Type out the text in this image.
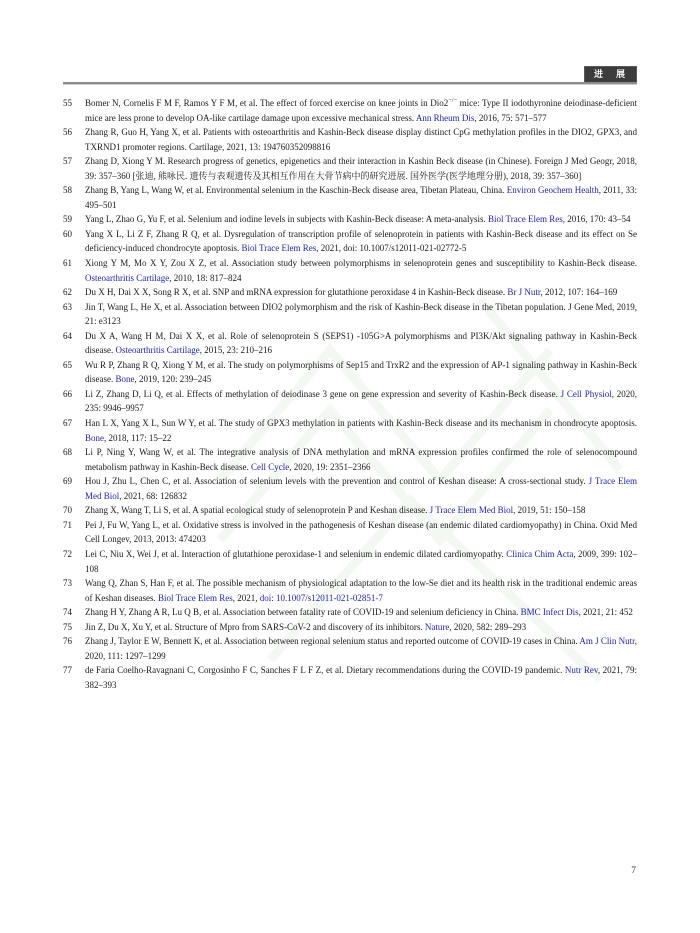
进　展
55 Bomer N, Cornelis F M F, Ramos Y F M, et al. The effect of forced exercise on knee joints in Dio2−/− mice: Type II iodothyronine deiodinase-deficient mice are less prone to develop OA-like cartilage damage upon excessive mechanical stress. Ann Rheum Dis, 2016, 75: 571–577
56 Zhang R, Guo H, Yang X, et al. Patients with osteoarthritis and Kashin-Beck disease display distinct CpG methylation profiles in the DIO2, GPX3, and TXRND1 promoter regions. Cartilage, 2021, 13: 194760352098816
57 Zhang D, Xiong Y M. Research progress of genetics, epigenetics and their interaction in Kashin Beck disease (in Chinese). Foreign J Med Geogr, 2018, 39: 357–360 [张迪, 熊咏民. 遗传与表观遗传及其相互作用在大骨节病中的研究进展. 国外医学(医学地理分册), 2018, 39: 357–360]
58 Zhang B, Yang L, Wang W, et al. Environmental selenium in the Kaschin-Beck disease area, Tibetan Plateau, China. Environ Geochem Health, 2011, 33: 495–501
59 Yang L, Zhao G, Yu F, et al. Selenium and iodine levels in subjects with Kashin-Beck disease: A meta-analysis. Biol Trace Elem Res, 2016, 170: 43–54
60 Yang X L, Li Z F, Zhang R Q, et al. Dysregulation of transcription profile of selenoprotein in patients with Kashin-Beck disease and its effect on Se deficiency-induced chondrocyte apoptosis. Biol Trace Elem Res, 2021, doi: 10.1007/s12011-021-02772-5
61 Xiong Y M, Mo X Y, Zou X Z, et al. Association study between polymorphisms in selenoprotein genes and susceptibility to Kashin-Beck disease. Osteoarthritis Cartilage, 2010, 18: 817–824
62 Du X H, Dai X X, Song R X, et al. SNP and mRNA expression for glutathione peroxidase 4 in Kashin-Beck disease. Br J Nutr, 2012, 107: 164–169
63 Jin T, Wang L, He X, et al. Association between DIO2 polymorphism and the risk of Kashin-Beck disease in the Tibetan population. J Gene Med, 2019, 21: e3123
64 Du X A, Wang H M, Dai X X, et al. Role of selenoprotein S (SEPS1) -105G>A polymorphisms and PI3K/Akt signaling pathway in Kashin-Beck disease. Osteoarthritis Cartilage, 2015, 23: 210–216
65 Wu R P, Zhang R Q, Xiong Y M, et al. The study on polymorphisms of Sep15 and TrxR2 and the expression of AP-1 signaling pathway in Kashin-Beck disease. Bone, 2019, 120: 239–245
66 Li Z, Zhang D, Li Q, et al. Effects of methylation of deiodinase 3 gene on gene expression and severity of Kashin-Beck disease. J Cell Physiol, 2020, 235: 9946–9957
67 Han L X, Yang X L, Sun W Y, et al. The study of GPX3 methylation in patients with Kashin-Beck disease and its mechanism in chondrocyte apoptosis. Bone, 2018, 117: 15–22
68 Li P, Ning Y, Wang W, et al. The integrative analysis of DNA methylation and mRNA expression profiles confirmed the role of selenocompound metabolism pathway in Kashin-Beck disease. Cell Cycle, 2020, 19: 2351–2366
69 Hou J, Zhu L, Chen C, et al. Association of selenium levels with the prevention and control of Keshan disease: A cross-sectional study. J Trace Elem Med Biol, 2021, 68: 126832
70 Zhang X, Wang T, Li S, et al. A spatial ecological study of selenoprotein P and Keshan disease. J Trace Elem Med Biol, 2019, 51: 150–158
71 Pei J, Fu W, Yang L, et al. Oxidative stress is involved in the pathogenesis of Keshan disease (an endemic dilated cardiomyopathy) in China. Oxid Med Cell Longev, 2013, 2013: 474203
72 Lei C, Niu X, Wei J, et al. Interaction of glutathione peroxidase-1 and selenium in endemic dilated cardiomyopathy. Clinica Chim Acta, 2009, 399: 102–108
73 Wang Q, Zhan S, Han F, et al. The possible mechanism of physiological adaptation to the low-Se diet and its health risk in the traditional endemic areas of Keshan diseases. Biol Trace Elem Res, 2021, doi: 10.1007/s12011-021-02851-7
74 Zhang H Y, Zhang A R, Lu Q B, et al. Association between fatality rate of COVID-19 and selenium deficiency in China. BMC Infect Dis, 2021, 21: 452
75 Jin Z, Du X, Xu Y, et al. Structure of Mpro from SARS-CoV-2 and discovery of its inhibitors. Nature, 2020, 582: 289–293
76 Zhang J, Taylor E W, Bennett K, et al. Association between regional selenium status and reported outcome of COVID-19 cases in China. Am J Clin Nutr, 2020, 111: 1297–1299
77 de Faria Coelho-Ravagnani C, Corgosinho F C, Sanches F L F Z, et al. Dietary recommendations during the COVID-19 pandemic. Nutr Rev, 2021, 79: 382–393
7
